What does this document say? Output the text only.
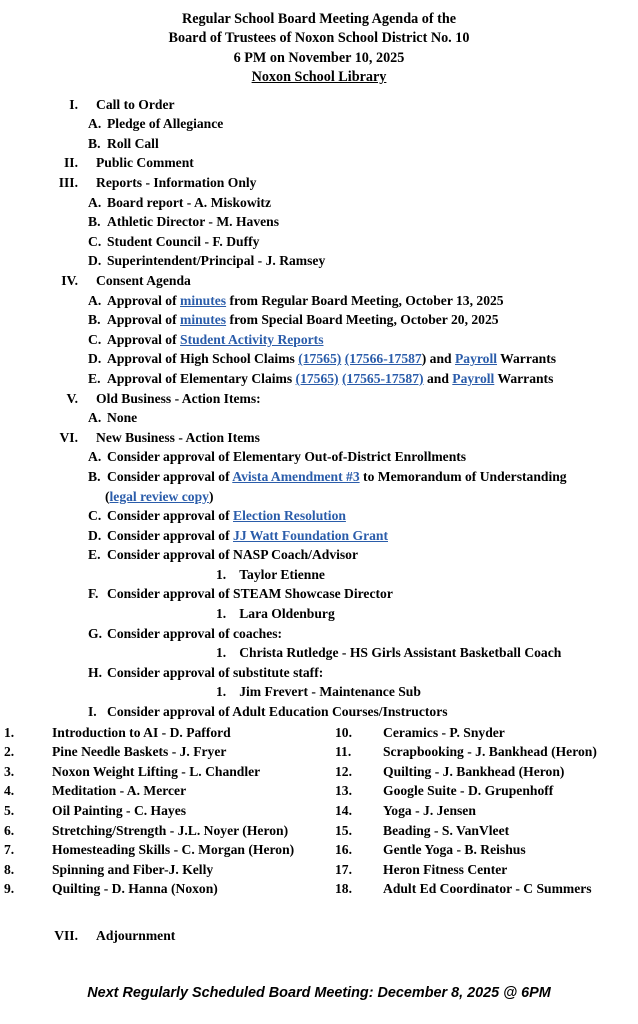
Regular School Board Meeting Agenda of the
Board of Trustees of Noxon School District No. 10
6 PM on November 10, 2025
Noxon School Library
I.	Call to Order
A. Pledge of Allegiance
B. Roll Call
II.	Public Comment
III.	Reports - Information Only
A. Board report - A. Miskowitz
B. Athletic Director - M. Havens
C. Student Council - F. Duffy
D. Superintendent/Principal - J. Ramsey
IV.	Consent Agenda
A. Approval of minutes from Regular Board Meeting, October 13, 2025
B. Approval of minutes from Special Board Meeting, October 20, 2025
C. Approval of Student Activity Reports
D. Approval of High School Claims (17565) (17566-17587) and Payroll Warrants
E. Approval of Elementary Claims (17565) (17565-17587) and Payroll Warrants
V.	Old Business - Action Items:
A. None
VI.	New Business - Action Items
A. Consider approval of Elementary Out-of-District Enrollments
B. Consider approval of Avista Amendment #3 to Memorandum of Understanding
(legal review copy)
C. Consider approval of Election Resolution
D. Consider approval of JJ Watt Foundation Grant
E. Consider approval of NASP Coach/Advisor
1. Taylor Etienne
F. Consider approval of STEAM Showcase Director
1. Lara Oldenburg
G. Consider approval of coaches:
1. Christa Rutledge - HS Girls Assistant Basketball Coach
H. Consider approval of substitute staff:
1. Jim Frevert - Maintenance Sub
I. Consider approval of Adult Education Courses/Instructors
1.	Introduction to AI - D. Pafford
2.	Pine Needle Baskets - J. Fryer
3.	Noxon Weight Lifting - L. Chandler
4.	Meditation - A. Mercer
5.	Oil Painting - C. Hayes
6.	Stretching/Strength - J.L. Noyer (Heron)
7.	Homesteading Skills - C. Morgan (Heron)
8.	Spinning and Fiber-J. Kelly
9.	Quilting - D. Hanna (Noxon)
10.	Ceramics - P. Snyder
11.	Scrapbooking - J. Bankhead (Heron)
12.	Quilting - J. Bankhead (Heron)
13.	Google Suite - D. Grupenhoff
14.	Yoga - J. Jensen
15.	Beading - S. VanVleet
16.	Gentle Yoga - B. Reishus
17.	Heron Fitness Center
18.	Adult Ed Coordinator - C Summers
VII.	Adjournment
Next Regularly Scheduled Board Meeting: December 8, 2025 @ 6PM
